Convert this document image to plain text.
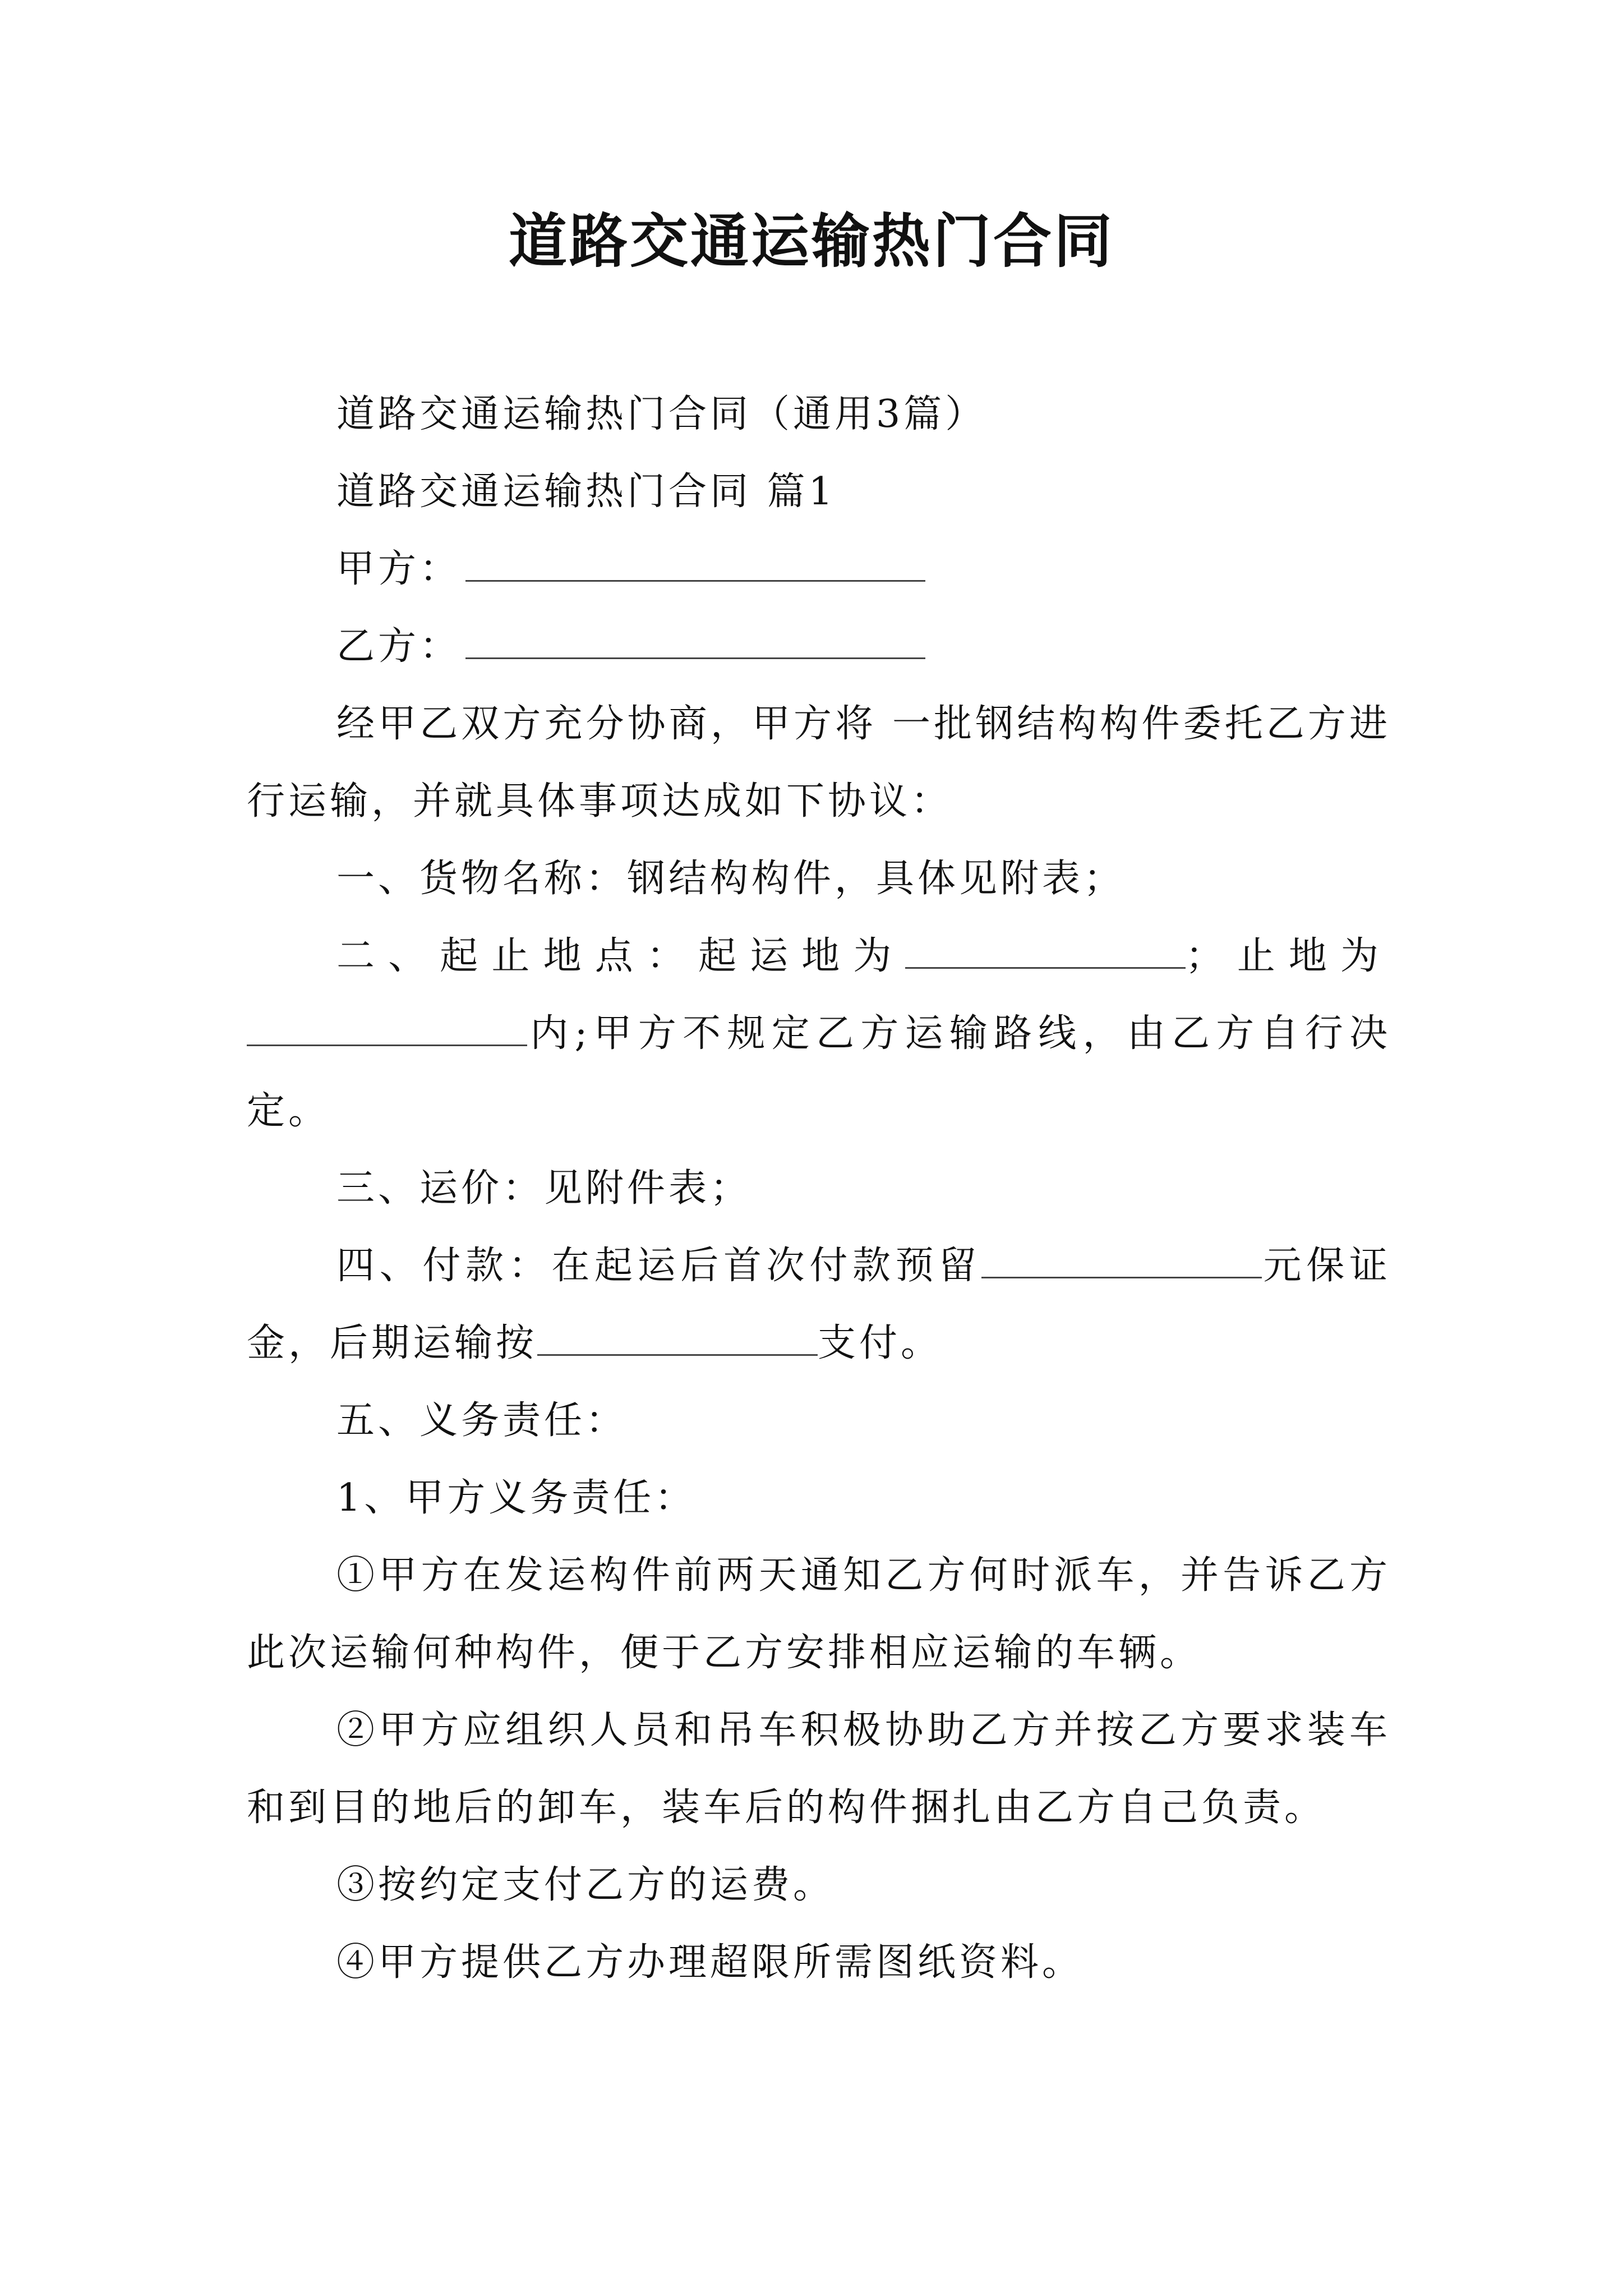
道路交通运输热门合同

道路交通运输热门合同（通用3篇）

道路交通运输热门合同 篇1

甲方：

乙方：

经甲乙双方充分协商，甲方将 一批钢结构构件委托乙方进行运输，并就具体事项达成如下协议：

一、货物名称：钢结构构件，具体见附表；

二、起止地点：起运地为	；止地为内;甲方不规定乙方运输路线，由乙方自行决定。

三、运价：见附件表；

四、付款：在起运后首次付款预留	元保证金，后期运输按	支付。

五、义务责任：

1、甲方义务责任：

①甲方在发运构件前两天通知乙方何时派车，并告诉乙方此次运输何种构件，便于乙方安排相应运输的车辆。

②甲方应组织人员和吊车积极协助乙方并按乙方要求装车和到目的地后的卸车，装车后的构件捆扎由乙方自己负责。

③按约定支付乙方的运费。

④甲方提供乙方办理超限所需图纸资料。
